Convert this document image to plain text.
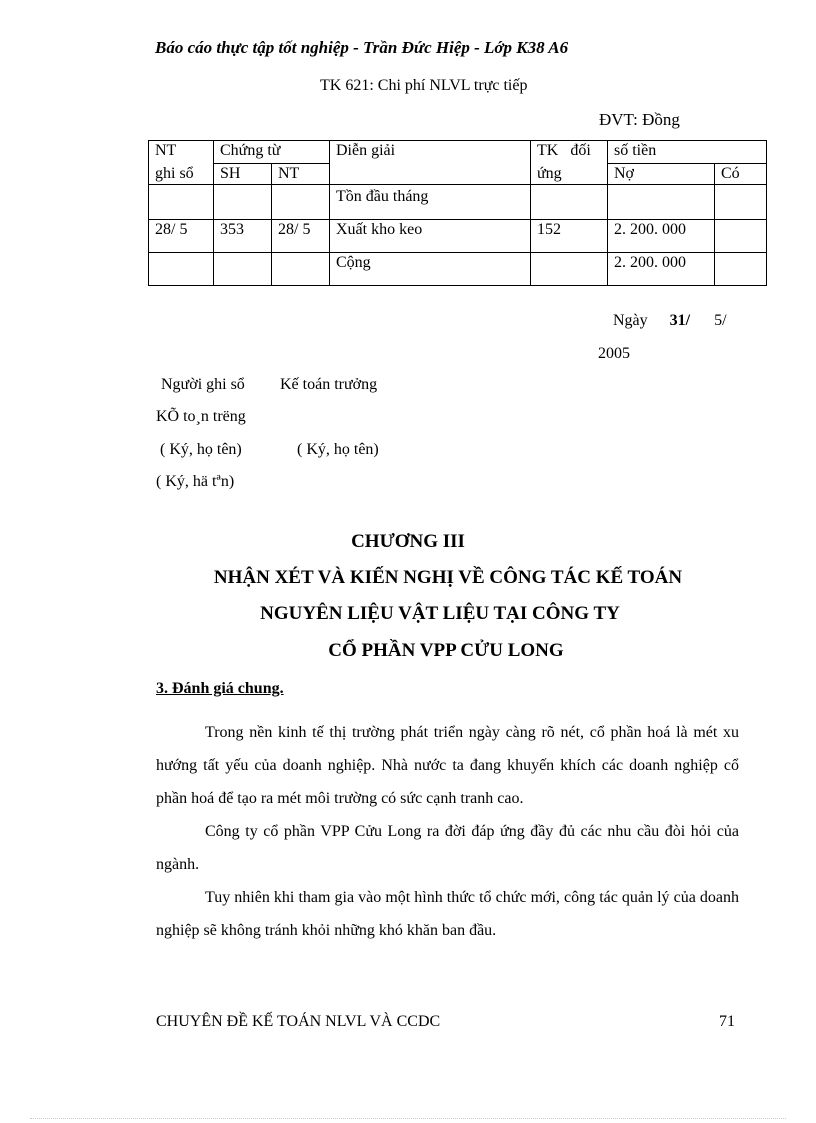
Báo cáo thực tập tốt nghiệp - Trần Đức Hiệp - Lớp K38 A6
TK 621: Chi phí NLVL trực tiếp
ĐVT: Đồng
NT	Chứng từ		Diễn giải	TK đối	số tiền	
ghi sổ	SH	NT		ứng	Nợ	Có
			Tồn đầu tháng			
28/ 5	353	28/ 5	Xuất kho keo	152	2. 200. 000	
			Cộng		2. 200. 000	
Ngày 31/ 5/
2005
Người ghi sổ Kế toán trưởng
KÕ to¸n trëng
( Ký, họ tên)	( Ký, họ tên)
( Ký, hä tªn)
CHƯƠNG III
NHẬN XÉT VÀ KIẾN NGHỊ VỀ CÔNG TÁC KẾ TOÁN
NGUYÊN LIỆU VẬT LIỆU TẠI CÔNG TY
CỔ PHẦN VPP CỬU LONG
3. Đánh giá chung.

Trong nền kinh tế thị trường phát triển ngày càng rõ nét, cổ phần hoá là mét xu hướng tất yếu của doanh nghiệp. Nhà nước ta đang khuyến khích các doanh nghiệp cổ phần hoá để tạo ra mét môi trường có sức cạnh tranh cao.

Công ty cổ phần VPP Cửu Long ra đời đáp ứng đầy đủ các nhu cầu đòi hỏi của ngành.

Tuy nhiên khi tham gia vào một hình thức tổ chức mới, công tác quản lý của doanh nghiệp sẽ không tránh khỏi những khó khăn ban đầu.

CHUYÊN ĐỀ KẾ TOÁN NLVL VÀ CCDC	71
